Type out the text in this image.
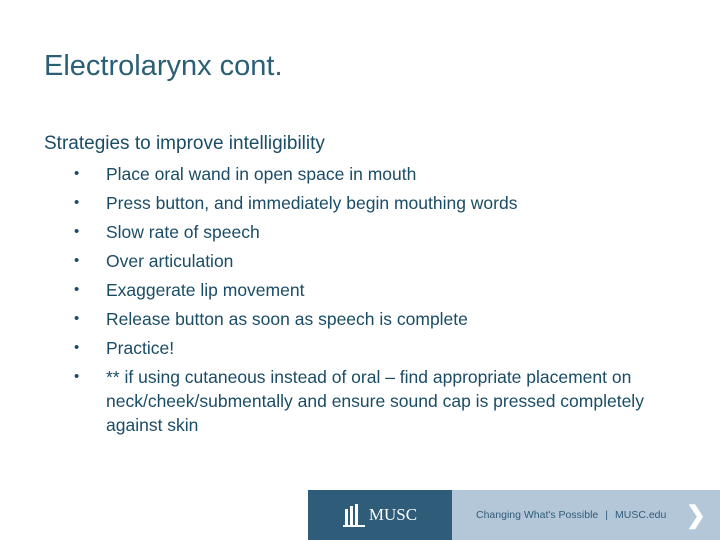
Electrolarynx cont.
Strategies to improve intelligibility
• Place oral wand in open space in mouth
• Press button, and immediately begin mouthing words
• Slow rate of speech
• Over articulation
• Exaggerate lip movement
• Release button as soon as speech is complete
• Practice!
• ** if using cutaneous instead of oral – find appropriate placement on neck/cheek/submentally and ensure sound cap is pressed completely against skin
MUSC	Changing What's Possible | MUSC.edu ❯
